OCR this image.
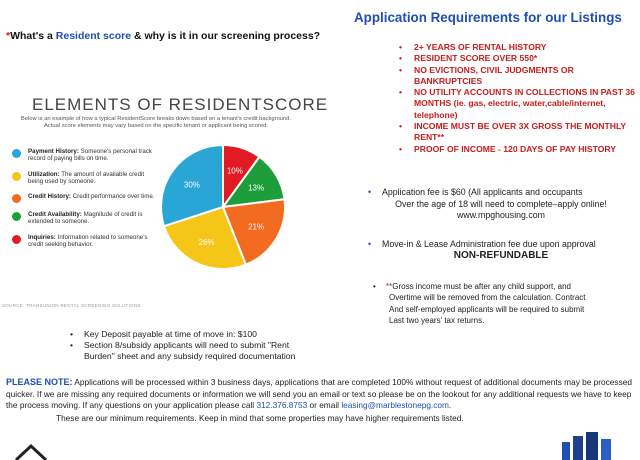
*What's a Resident score & why is it in our screening process?
ELEMENTS OF RESIDENTSCORE
Below is an example of how a typical ResidentScore breaks down based on a tenant's credit background.
Actual score elements may vary based on the specific tenant or applicant being scored.
Payment History: Someone's personal track record of paying bills on time.
Utilization: The amount of available credit being used by someone.
Credit History: Credit performance over time.
Credit Availability: Magnitude of credit is extended to someone.
Inquiries: Information related to someone's credit seeking behavior.
10%
13%
21%
26%
30%
SOURCE: TRANSUNION RENTAL SCREENING SOLUTIONS
•	Key Deposit payable at time of move in: $100
•	Section 8/subsidy applicants will need to submit "Rent
Burden" sheet and any subsidy required documentation
Application Requirements for our Listings
• 2+ YEARS OF RENTAL HISTORY
• RESIDENT SCORE OVER 550*
• NO EVICTIONS, CIVIL JUDGMENTS OR BANKRUPTCIES
• NO UTILITY ACCOUNTS IN COLLECTIONS IN PAST 36 MONTHS (ie. gas, electric, water,cable/internet, telephone)
• INCOME MUST BE OVER 3X GROSS THE MONTHLY RENT**
• PROOF OF INCOME - 120 DAYS OF PAY HISTORY
•	Application fee is $60 (All applicants and occupants
Over the age of 18 will need to complete–apply online!
www.mpghousing.com
•	Move-in & Lease Administration fee due upon approval
NON-REFUNDABLE
• **Gross income must be after any child support, and
Overtime will be removed from the calculation. Contract
And self-employed applicants will be required to submit
Last two years' tax returns.
PLEASE NOTE: Applications will be processed within 3 business days, applications that are completed 100% without request of additional documents may be processed quicker. If we are missing any required documents or information we will send you an email or text so please be on the lookout for any additional requests we have to keep the process moving. If any questions on your application please call 312.376.8753 or email leasing@marblestonepg.com.
These are our minimum requirements. Keep in mind that some properties may have higher requirements listed.
